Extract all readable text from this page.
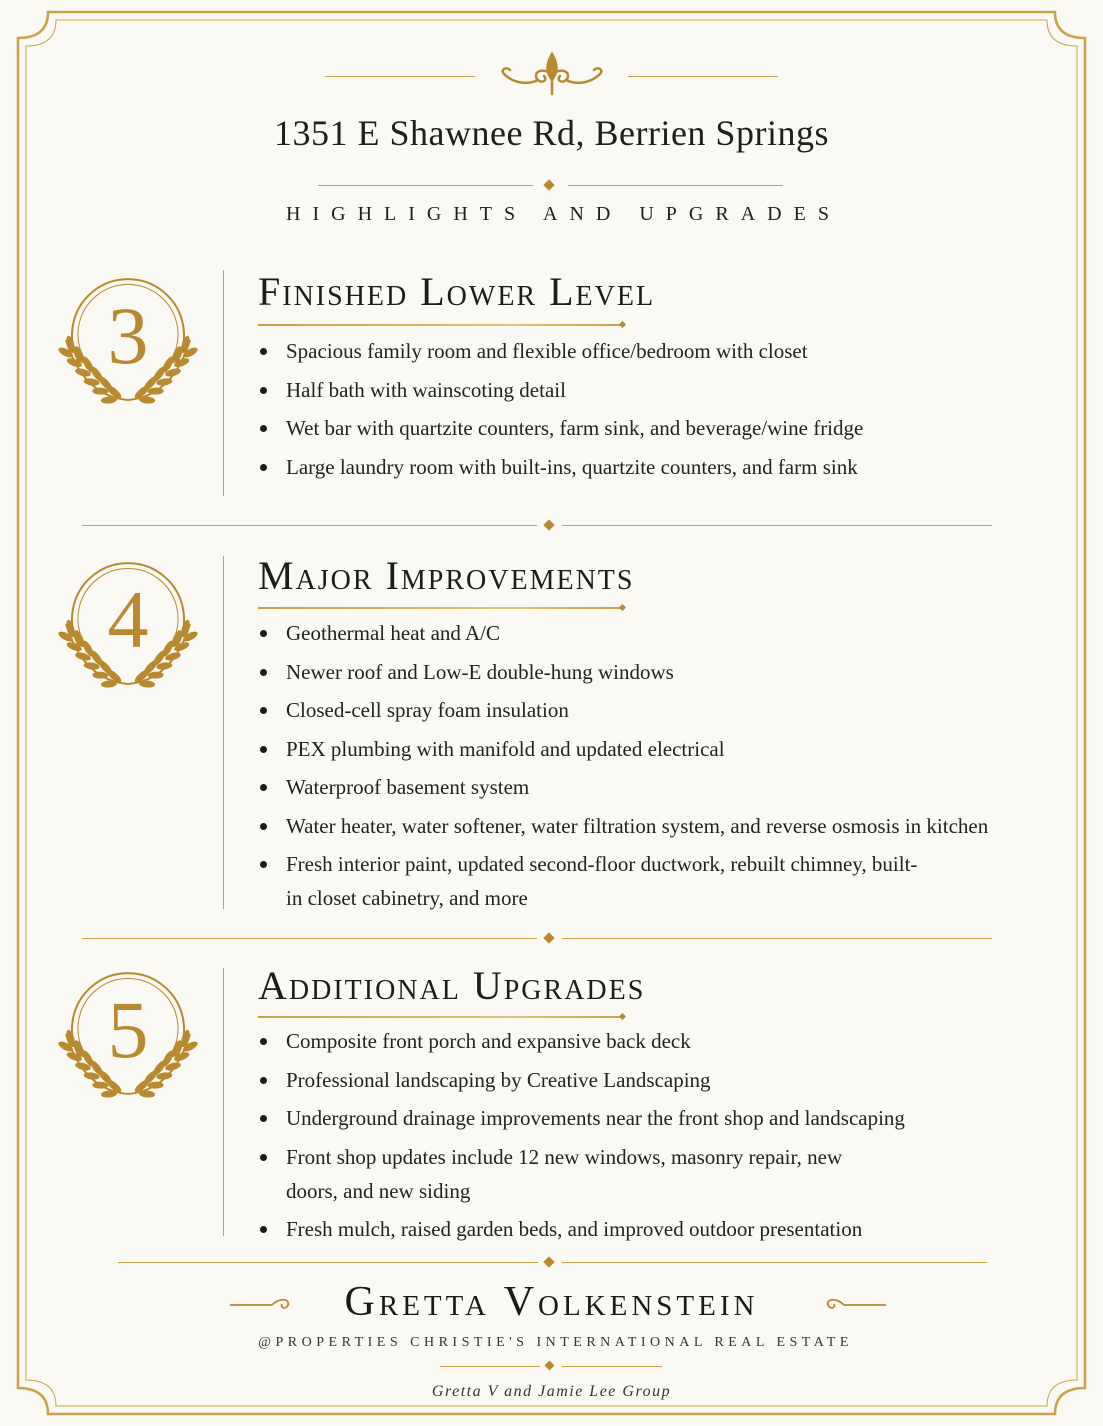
1351 E Shawnee Rd, Berrien Springs
HIGHLIGHTS AND UPGRADES
3	Finished Lower Level
Spacious family room and flexible office/bedroom with closet
Half bath with wainscoting detail
Wet bar with quartzite counters, farm sink, and beverage/wine fridge
Large laundry room with built-ins, quartzite counters, and farm sink
4	Major Improvements
Geothermal heat and A/C
Newer roof and Low-E double-hung windows
Closed-cell spray foam insulation
PEX plumbing with manifold and updated electrical
Waterproof basement system
Water heater, water softener, water filtration system, and reverse osmosis in kitchen
Fresh interior paint, updated second-floor ductwork, rebuilt chimney, built-in closet cabinetry, and more
5	Additional Upgrades
Composite front porch and expansive back deck
Professional landscaping by Creative Landscaping
Underground drainage improvements near the front shop and landscaping
Front shop updates include 12 new windows, masonry repair, new doors, and new siding
Fresh mulch, raised garden beds, and improved outdoor presentation
Gretta Volkenstein
@PROPERTIES CHRISTIE'S INTERNATIONAL REAL ESTATE
Gretta V and Jamie Lee Group
